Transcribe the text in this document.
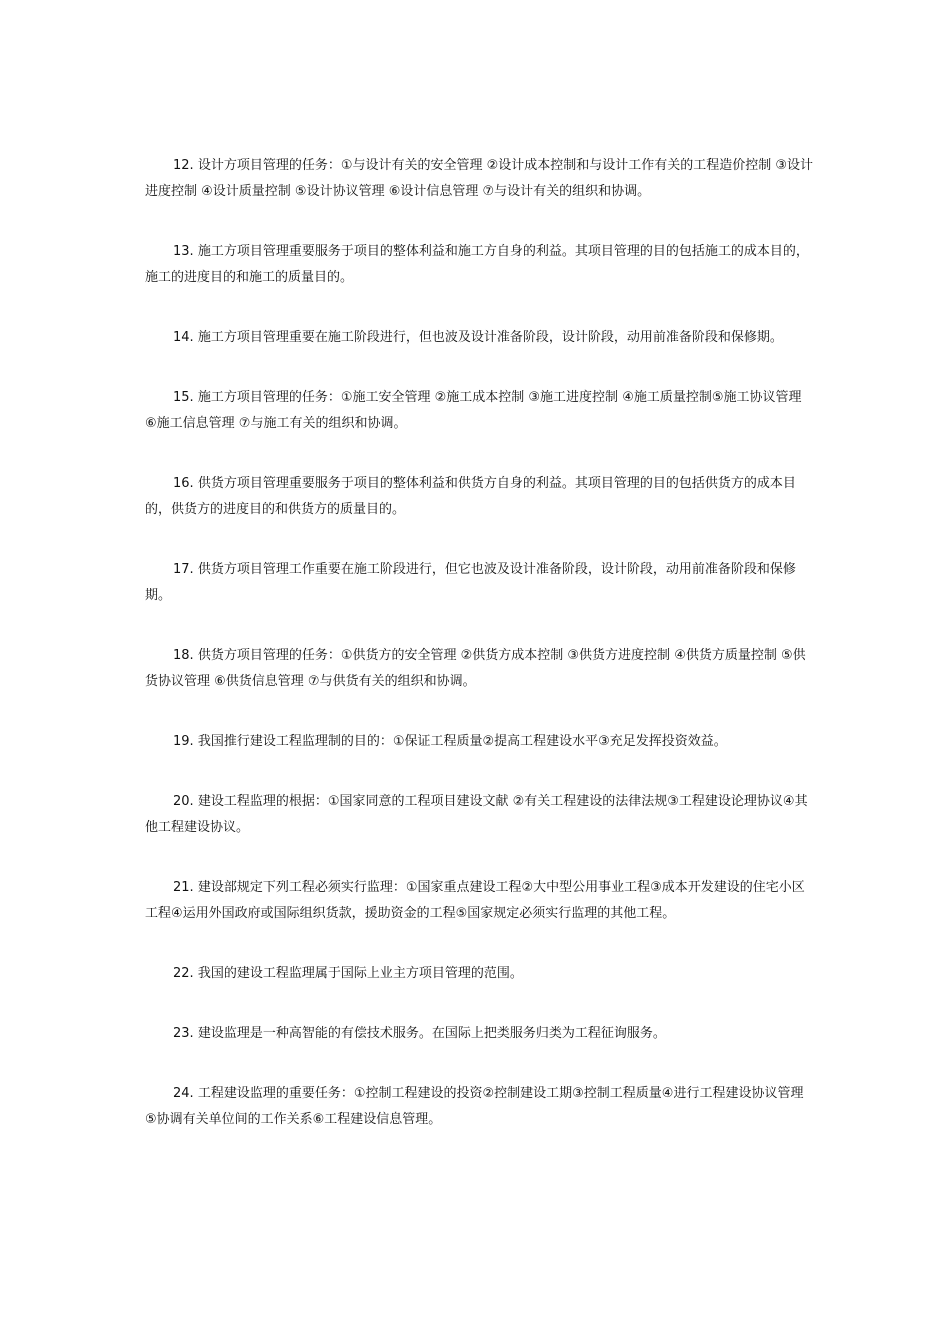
12. 设计方项目管理的任务：①与设计有关的安全管理 ②设计成本控制和与设计工作有关的工程造价控制 ③设计进度控制 ④设计质量控制 ⑤设计协议管理 ⑥设计信息管理 ⑦与设计有关的组织和协调。

13. 施工方项目管理重要服务于项目的整体利益和施工方自身的利益。其项目管理的目的包括施工的成本目的，施工的进度目的和施工的质量目的。

14. 施工方项目管理重要在施工阶段进行，但也波及设计准备阶段，设计阶段，动用前准备阶段和保修期。

15. 施工方项目管理的任务：①施工安全管理 ②施工成本控制 ③施工进度控制 ④施工质量控制⑤施工协议管理 ⑥施工信息管理 ⑦与施工有关的组织和协调。

16. 供货方项目管理重要服务于项目的整体利益和供货方自身的利益。其项目管理的目的包括供货方的成本目的，供货方的进度目的和供货方的质量目的。

17. 供货方项目管理工作重要在施工阶段进行，但它也波及设计准备阶段，设计阶段，动用前准备阶段和保修期。

18. 供货方项目管理的任务：①供货方的安全管理 ②供货方成本控制 ③供货方进度控制 ④供货方质量控制 ⑤供货协议管理 ⑥供货信息管理 ⑦与供货有关的组织和协调。

19. 我国推行建设工程监理制的目的：①保证工程质量②提高工程建设水平③充足发挥投资效益。

20. 建设工程监理的根据：①国家同意的工程项目建设文献 ②有关工程建设的法律法规③工程建设论理协议④其他工程建设协议。

21. 建设部规定下列工程必须实行监理：①国家重点建设工程②大中型公用事业工程③成本开发建设的住宅小区工程④运用外国政府或国际组织货款，援助资金的工程⑤国家规定必须实行监理的其他工程。

22. 我国的建设工程监理属于国际上业主方项目管理的范围。

23. 建设监理是一种高智能的有偿技术服务。在国际上把类服务归类为工程征询服务。

24. 工程建设监理的重要任务：①控制工程建设的投资②控制建设工期③控制工程质量④进行工程建设协议管理⑤协调有关单位间的工作关系⑥工程建设信息管理。
